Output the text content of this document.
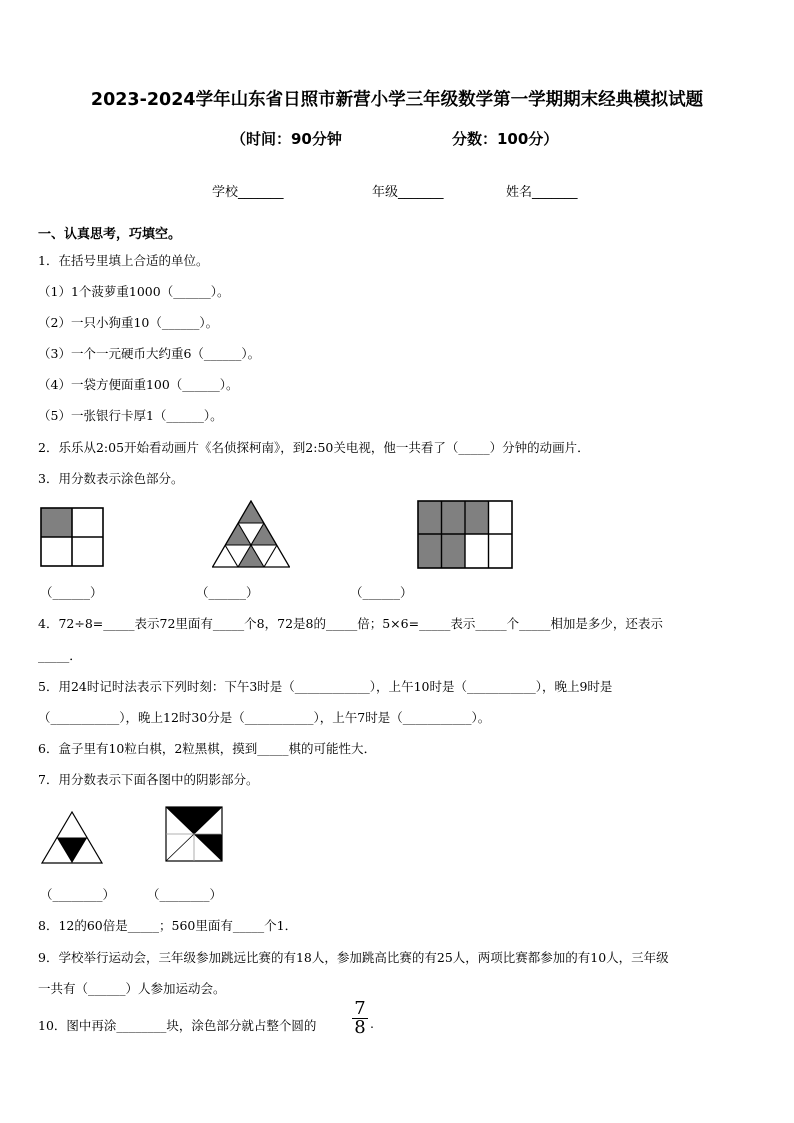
2023-2024学年山东省日照市新营小学三年级数学第一学期期末经典模拟试题
（时间：90分钟	分数：100分）
学校_______	年级_______	姓名_______
一、认真思考，巧填空。
1．在括号里填上合适的单位。
（1）1个菠萝重1000（______）。
（2）一只小狗重10（______）。
（3）一个一元硬币大约重6（______）。
（4）一袋方便面重100（______）。
（5）一张银行卡厚1（______）。
2．乐乐从2:05开始看动画片《名侦探柯南》，到2:50关电视，他一共看了（_____）分钟的动画片．
3．用分数表示涂色部分。
（______）	（______）	（______）
4．72÷8=_____表示72里面有_____个8，72是8的_____倍；5×6=_____表示_____个_____相加是多少，还表示
_____．
5．用24时记时法表示下列时刻：下午3时是（____________），上午10时是（___________），晚上9时是
（___________），晚上12时30分是（___________），上午7时是（___________）。
6．盒子里有10粒白棋，2粒黑棋，摸到_____棋的可能性大．
7．用分数表示下面各图中的阴影部分。
（________）	（________）
8．12的60倍是_____；560里面有_____个1．
9．学校举行运动会，三年级参加跳远比赛的有18人，参加跳高比赛的有25人，两项比赛都参加的有10人，三年级
一共有（______）人参加运动会。
10．图中再涂________块，涂色部分就占整个圆的 $\frac{7}{8}$ .
